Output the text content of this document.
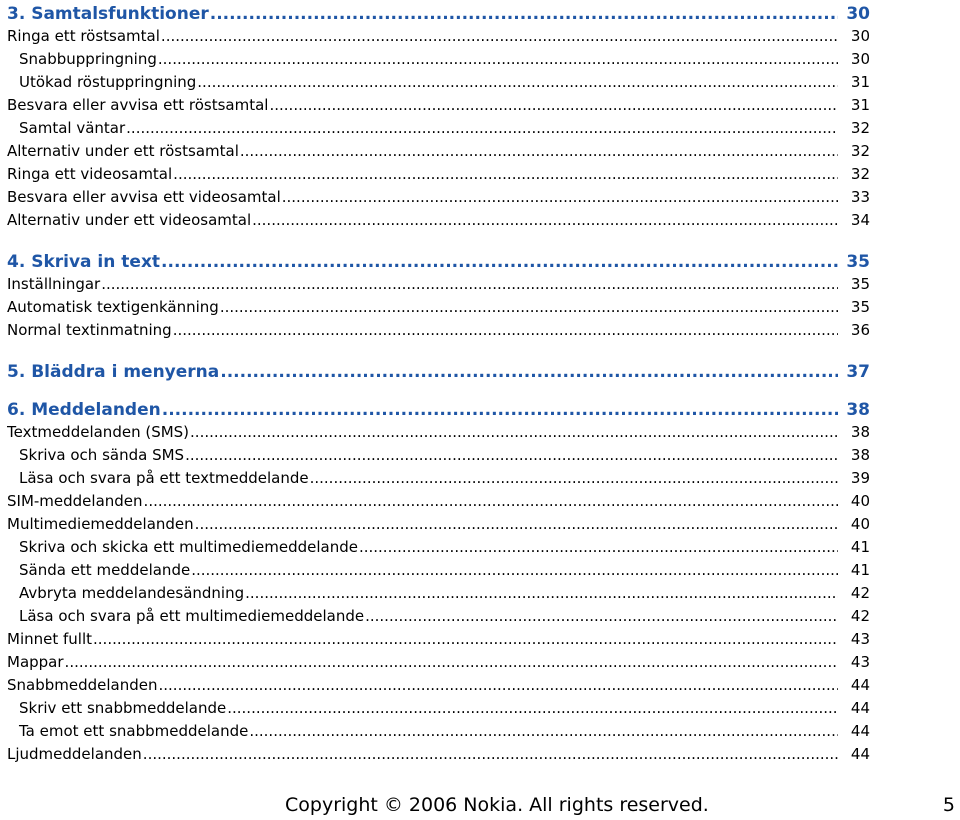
3. Samtalsfunktioner .....	30
Ringa ett röstsamtal .....	30
Snabbuppringning .....	30
Utökad röstuppringning .....	31
Besvara eller avvisa ett röstsamtal .....	31
Samtal väntar .....	32
Alternativ under ett röstsamtal .....	32
Ringa ett videosamtal .....	32
Besvara eller avvisa ett videosamtal .....	33
Alternativ under ett videosamtal .....	34
4. Skriva in text .....	35
Inställningar .....	35
Automatisk textigenkänning .....	35
Normal textinmatning .....	36
5. Bläddra i menyerna .....	37
6. Meddelanden .....	38
Textmeddelanden (SMS) .....	38
Skriva och sända SMS .....	38
Läsa och svara på ett textmeddelande .....	39
SIM-meddelanden .....	40
Multimediemeddelanden .....	40
Skriva och skicka ett multimediemeddelande .....	41
Sända ett meddelande .....	41
Avbryta meddelandesändning .....	42
Läsa och svara på ett multimediemeddelande .....	42
Minnet fullt .....	43
Mappar .....	43
Snabbmeddelanden .....	44
Skriv ett snabbmeddelande .....	44
Ta emot ett snabbmeddelande .....	44
Ljudmeddelanden .....	44
Copyright © 2006 Nokia. All rights reserved.	5
